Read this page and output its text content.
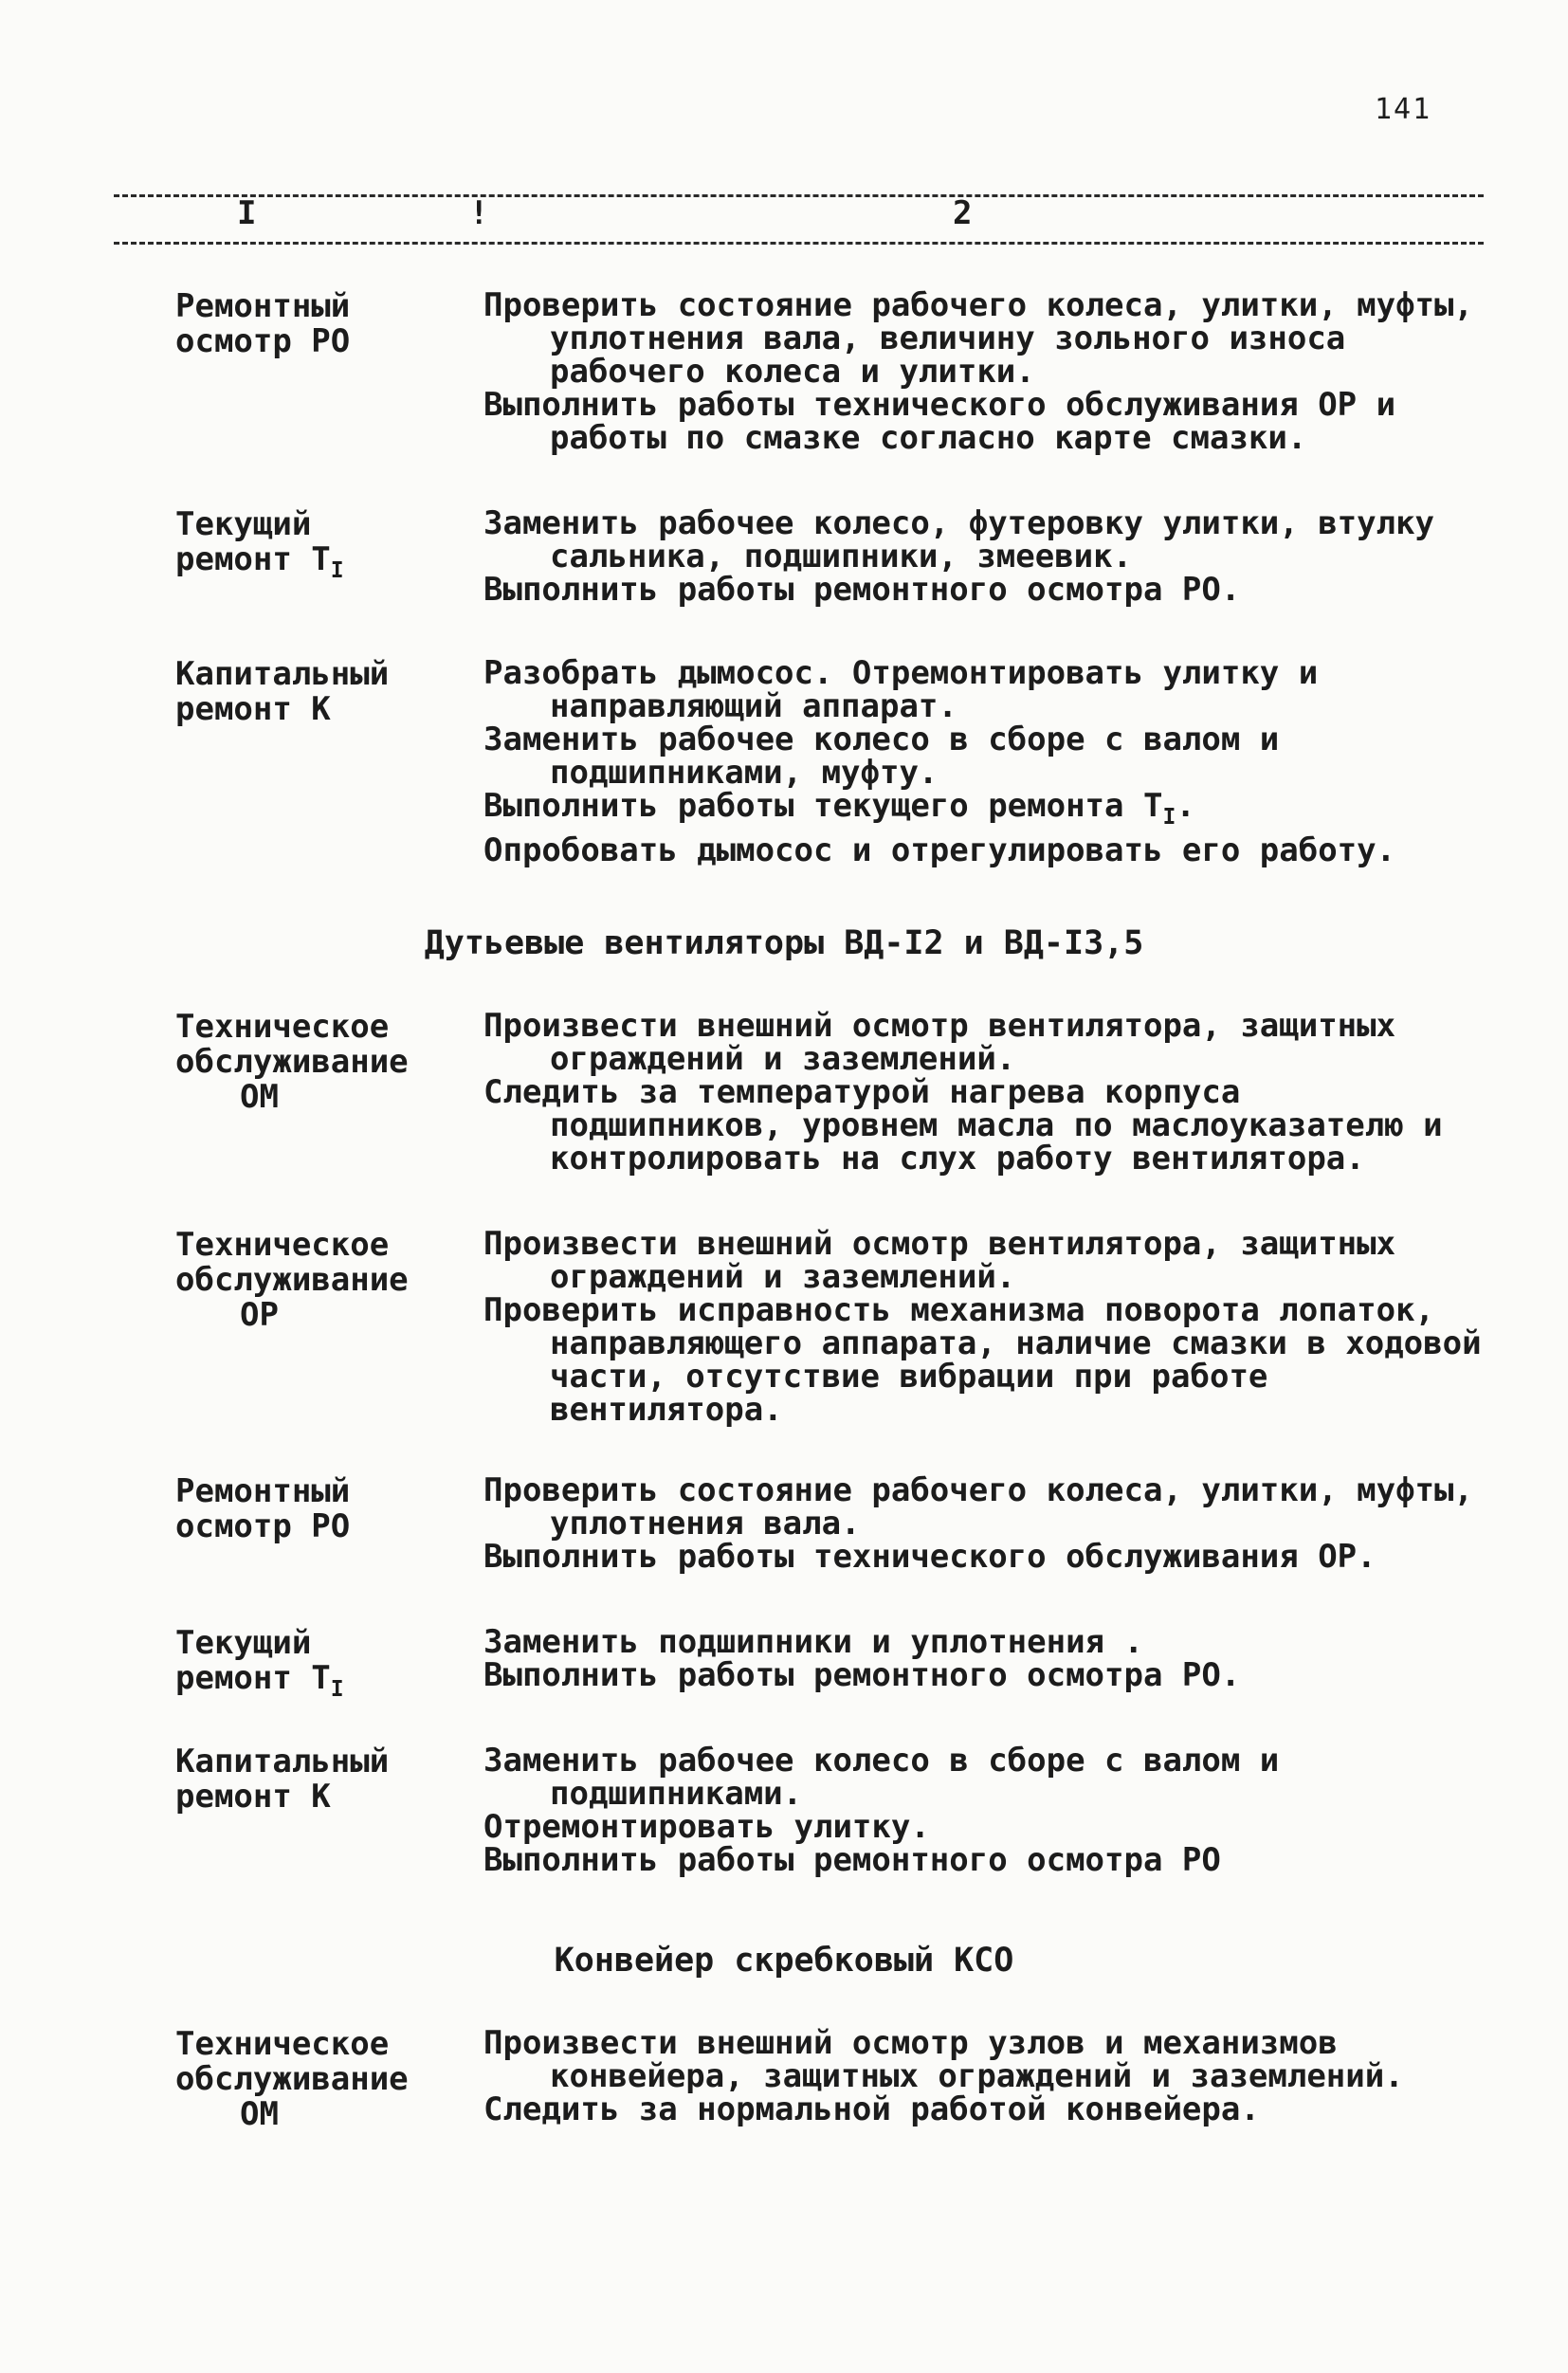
141
I	!	2
Ремонтный
осмотр РО

Проверить состояние рабочего колеса, улитки, муфты, уплотнения вала, величину зольного износа рабочего колеса и улитки.

Выполнить работы технического обслуживания ОР и работы по смазке согласно карте смазки.

Текущий
ремонт $Т_I$

Заменить рабочее колесо, футеровку улитки, втулку сальника, подшипники, змеевик.

Выполнить работы ремонтного осмотра РО.

Капитальный
ремонт К

Разобрать дымосос. Отремонтировать улитку и направляющий аппарат.

Заменить рабочее колесо в сборе с валом и подшипниками, муфту.

Выполнить работы текущего ремонта $Т_I$.

Опробовать дымосос и отрегулировать его работу.

Дутьевые вентиляторы ВД-I2 и ВД-I3,5
Техническое
обслуживание
ОМ

Произвести внешний осмотр вентилятора, защитных ограждений и заземлений.

Следить за температурой нагрева корпуса подшипников, уровнем масла по маслоуказателю и контролировать на слух работу вентилятора.

Техническое
обслуживание
ОР

Произвести внешний осмотр вентилятора, защитных ограждений и заземлений.

Проверить исправность механизма поворота лопаток, направляющего аппарата, наличие смазки в ходовой части, отсутствие вибрации при работе вентилятора.

Ремонтный
осмотр РО

Проверить состояние рабочего колеса, улитки, муфты, уплотнения вала.

Выполнить работы технического обслуживания ОР.

Текущий
ремонт $Т_I$

Заменить подшипники и уплотнения .

Выполнить работы ремонтного осмотра РО.

Капитальный
ремонт К

Заменить рабочее колесо в сборе с валом и подшипниками.

Отремонтировать улитку.

Выполнить работы ремонтного осмотра РО

Конвейер скребковый КСО
Техническое
обслуживание
ОМ

Произвести внешний осмотр узлов и механизмов конвейера, защитных ограждений и заземлений.

Следить за нормальной работой конвейера.
